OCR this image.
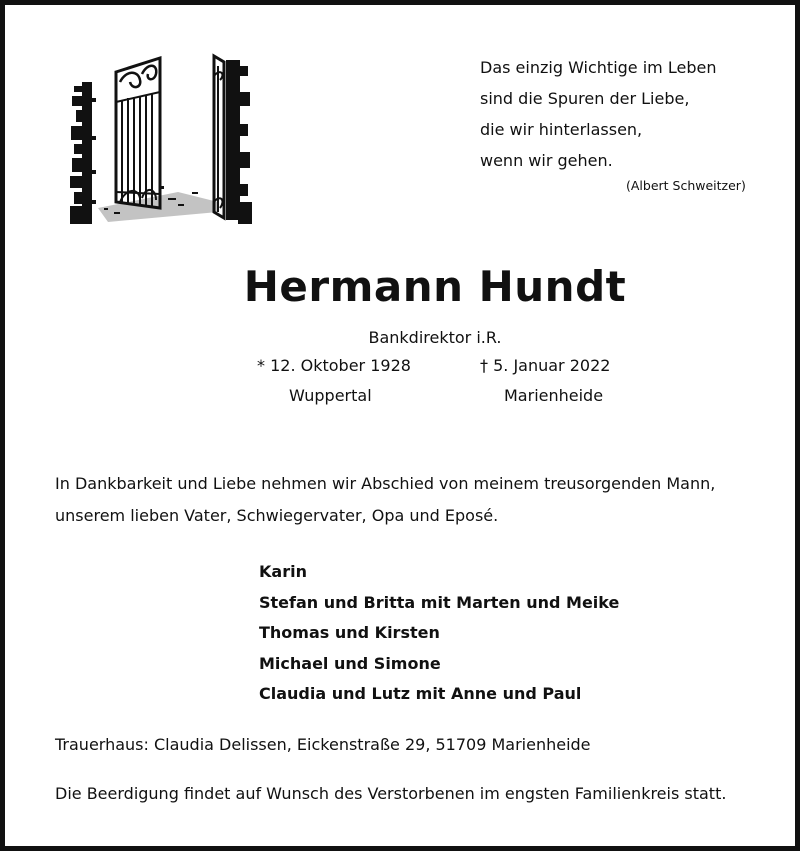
Das einzig Wichtige im Leben
sind die Spuren der Liebe,
die wir hinterlassen,
wenn wir gehen.
(Albert Schweitzer)
Hermann Hundt
Bankdirektor i.R.
* 12. Oktober 1928	† 5. Januar 2022
Wuppertal	Marienheide
In Dankbarkeit und Liebe nehmen wir Abschied von meinem treusorgenden Mann,
unserem lieben Vater, Schwiegervater, Opa und Eposé.
Karin
Stefan und Britta mit Marten und Meike
Thomas und Kirsten
Michael und Simone
Claudia und Lutz mit Anne und Paul
Trauerhaus: Claudia Delissen, Eickenstraße 29, 51709 Marienheide
Die Beerdigung findet auf Wunsch des Verstorbenen im engsten Familienkreis statt.
